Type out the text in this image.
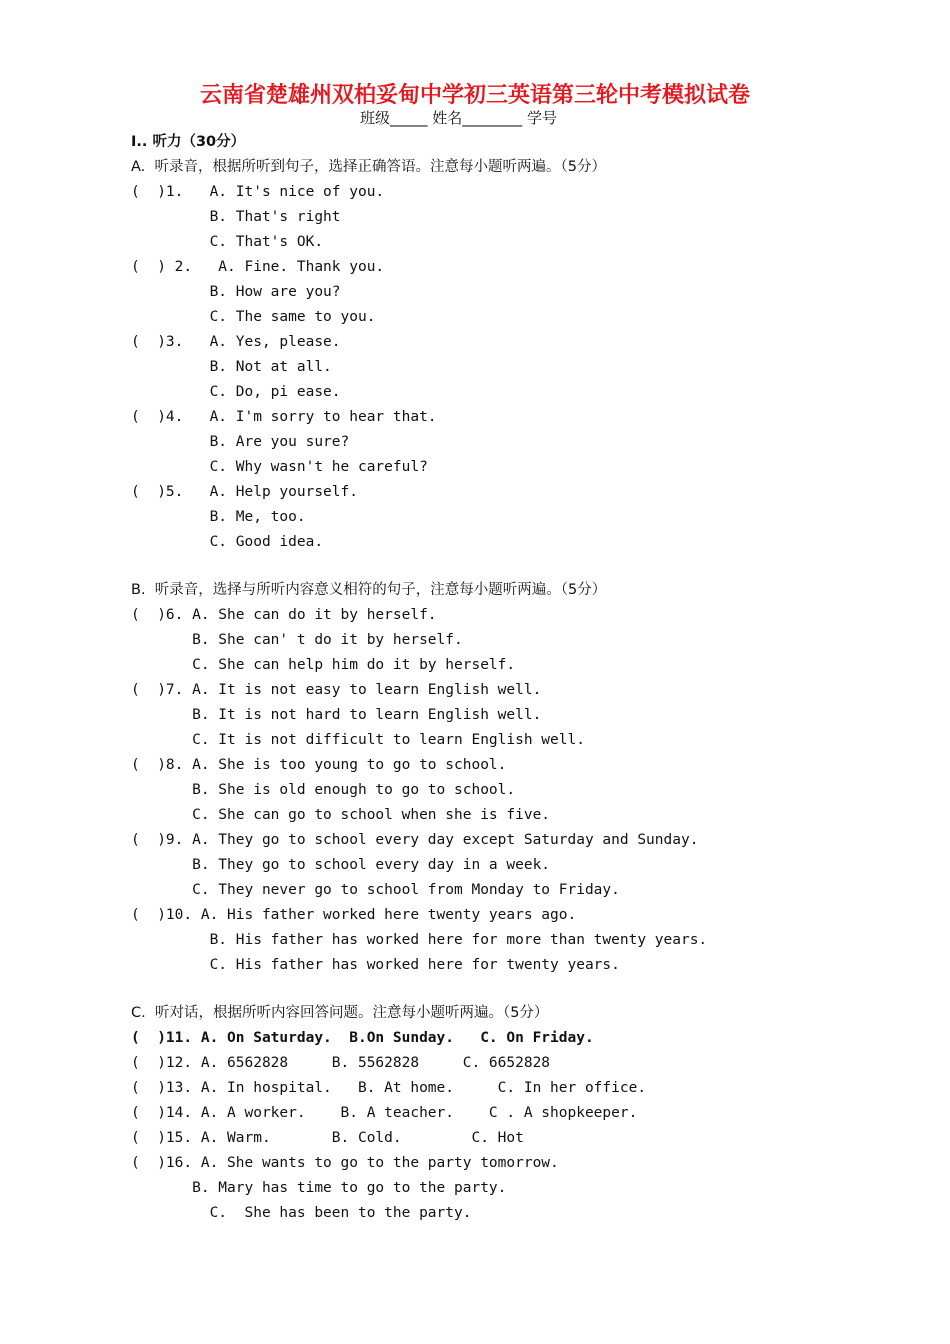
云南省楚雄州双柏妥甸中学初三英语第三轮中考模拟试卷
班级_____ 姓名________ 学号
I.. 听力（30分）
A.  听录音，根据所听到句子，选择正确答语。注意每小题听两遍。（5分）
(  )1.   A. It's nice of you.
B. That's right
C. That's OK.
(  ) 2.   A. Fine. Thank you.
B. How are you?
C. The same to you.
(  )3.   A. Yes, please.
B. Not at all.
C. Do, pi ease.
(  )4.   A. I'm sorry to hear that.
B. Are you sure?
C. Why wasn't he careful?
(  )5.   A. Help yourself.
B. Me, too.
C. Good idea.
B.  听录音，选择与所听内容意义相符的句子，注意每小题听两遍。（5分）
(  )6. A. She can do it by herself.
B. She can' t do it by herself.
C. She can help him do it by herself.
(  )7. A. It is not easy to learn English well.
B. It is not hard to learn English well.
C. It is not difficult to learn English well.
(  )8. A. She is too young to go to school.
B. She is old enough to go to school.
C. She can go to school when she is five.
(  )9. A. They go to school every day except Saturday and Sunday.
B. They go to school every day in a week.
C. They never go to school from Monday to Friday.
(  )10. A. His father worked here twenty years ago.
B. His father has worked here for more than twenty years.
C. His father has worked here for twenty years.
C.  听对话，根据所听内容回答问题。注意每小题听两遍。（5分）
(  )11. A. On Saturday.  B.On Sunday.   C. On Friday.
(  )12. A. 6562828     B. 5562828     C. 6652828
(  )13. A. In hospital.   B. At home.     C. In her office.
(  )14. A. A worker.    B. A teacher.    C . A shopkeeper.
(  )15. A. Warm.       B. Cold.        C. Hot
(  )16. A. She wants to go to the party tomorrow.
B. Mary has time to go to the party.
C.  She has been to the party.
